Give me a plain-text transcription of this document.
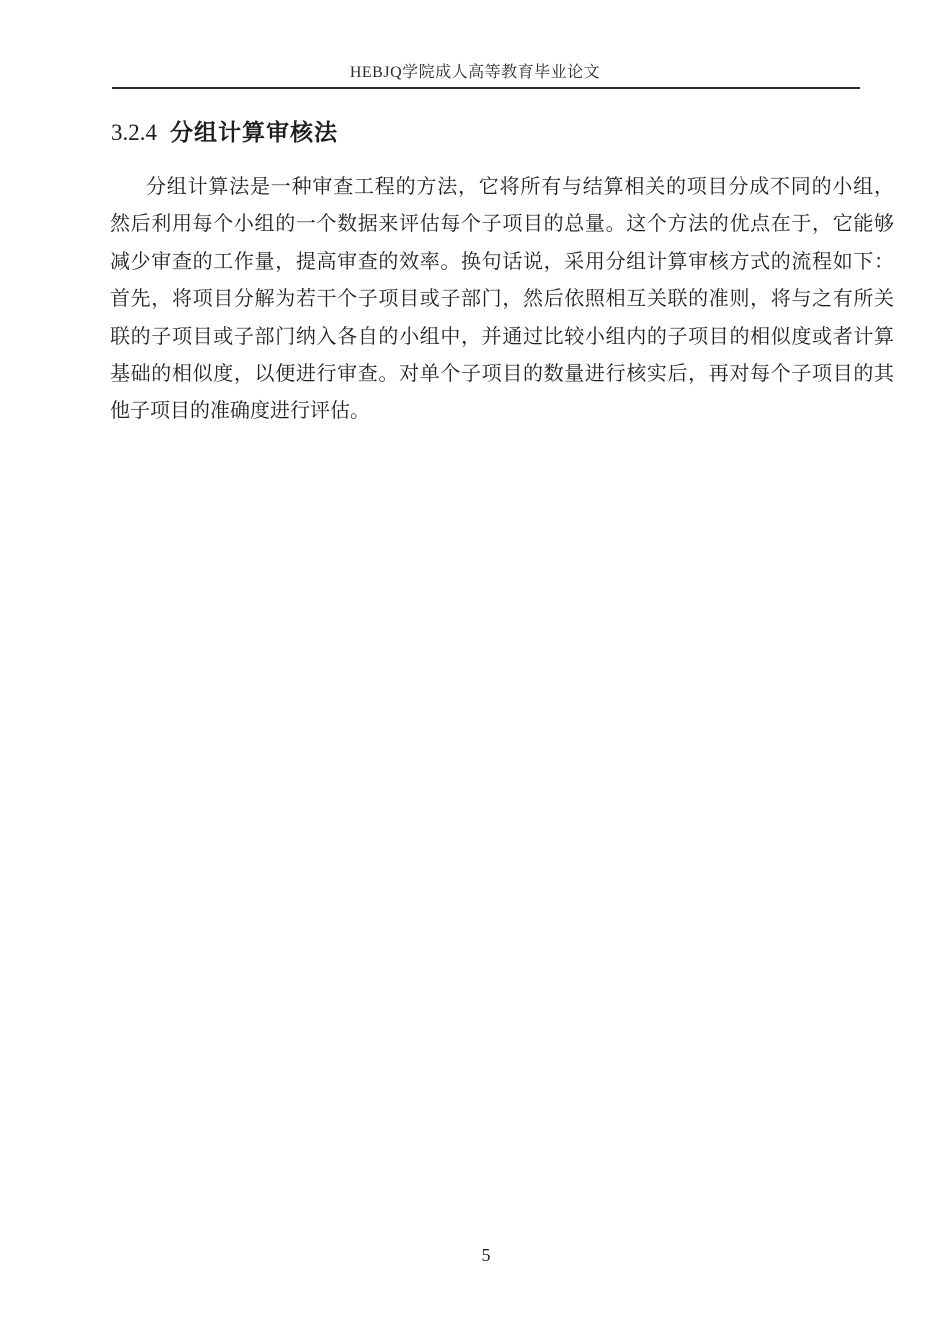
HEBJQ学院成人高等教育毕业论文
3.2.4 分组计算审核法
分组计算法是一种审查工程的方法，它将所有与结算相关的项目分成不同的小组，
然后利用每个小组的一个数据来评估每个子项目的总量。这个方法的优点在于，它能够
减少审查的工作量，提高审查的效率。换句话说，采用分组计算审核方式的流程如下：
首先，将项目分解为若干个子项目或子部门，然后依照相互关联的准则，将与之有所关
联的子项目或子部门纳入各自的小组中，并通过比较小组内的子项目的相似度或者计算
基础的相似度，以便进行审查。对单个子项目的数量进行核实后，再对每个子项目的其
他子项目的准确度进行评估。
5
